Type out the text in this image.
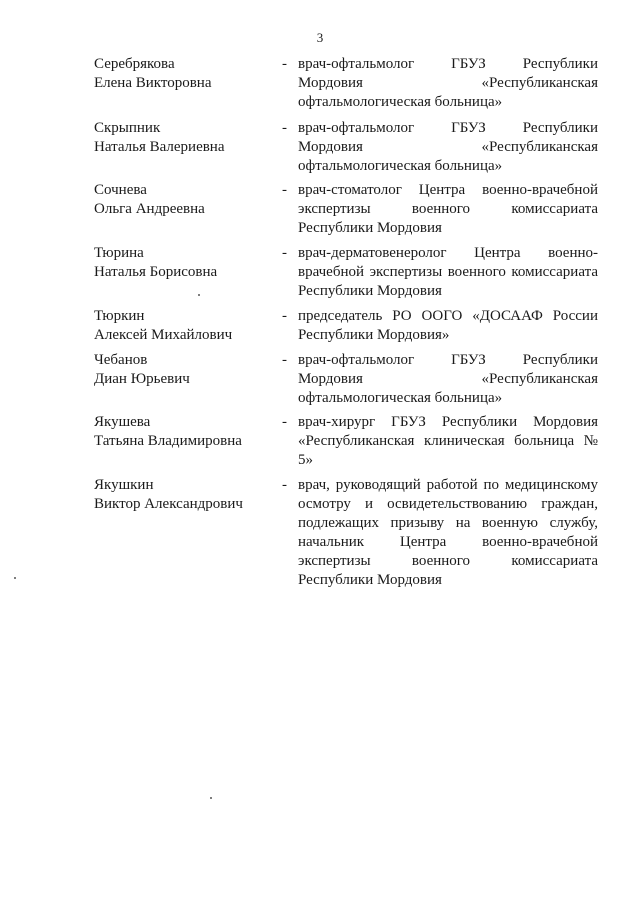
3
Серебрякова
Елена Викторовна
- врач-офтальмолог ГБУЗ Республики Мордовия «Республиканская офтальмологическая больница»
Скрыпник
Наталья Валериевна
- врач-офтальмолог ГБУЗ Республики Мордовия «Республиканская офтальмологическая больница»
Сочнева
Ольга Андреевна
- врач-стоматолог Центра военно-врачебной экспертизы военного комиссариата Республики Мордовия
Тюрина
Наталья Борисовна
- врач-дерматовенеролог Центра военно-врачебной экспертизы военного комиссариата Республики Мордовия
Тюркин
Алексей Михайлович
- председатель РО ООГО «ДОСААФ России Республики Мордовия»
Чебанов
Диан Юрьевич
- врач-офтальмолог ГБУЗ Республики Мордовия «Республиканская офтальмологическая больница»
Якушева
Татьяна Владимировна
- врач-хирург ГБУЗ Республики Мордовия «Республиканская клиническая больница № 5»
Якушкин
Виктор Александрович
- врач, руководящий работой по медицинскому осмотру и освидетельствованию граждан, подлежащих призыву на военную службу, начальник Центра военно-врачебной экспертизы военного комиссариата Республики Мордовия
